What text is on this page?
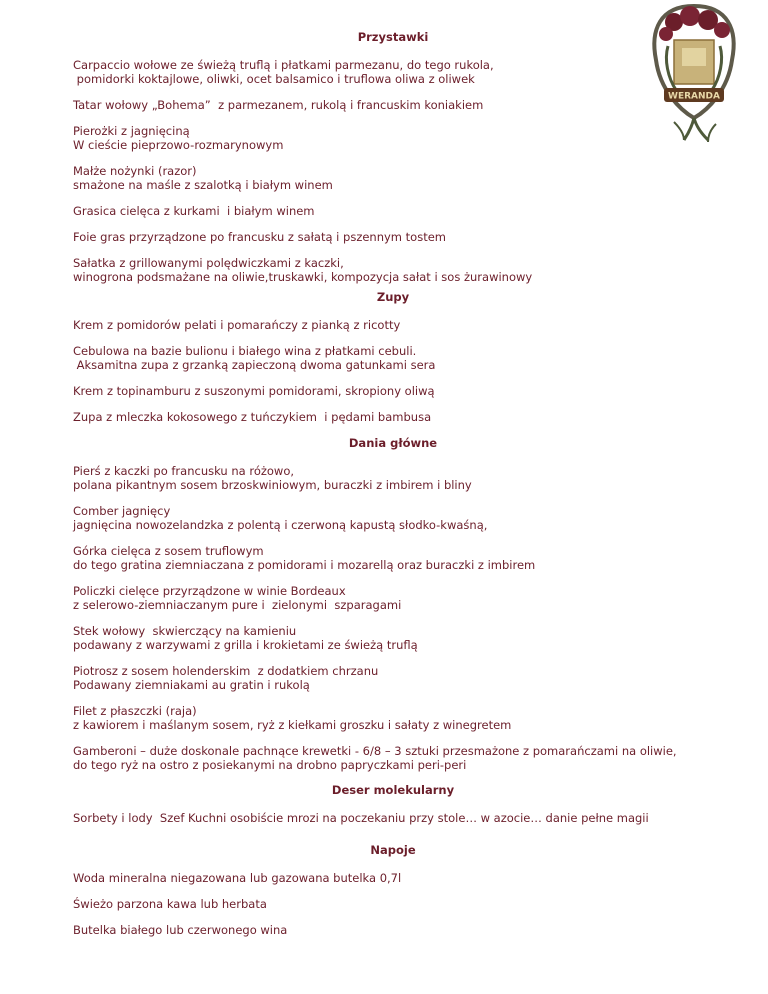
WERANDA
Przystawki
Carpaccio wołowe ze świeżą truflą i płatkami parmezanu, do tego rukola,
pomidorki koktajlowe, oliwki, ocet balsamico i truflowa oliwa z oliwek
Tatar wołowy „Bohema”  z parmezanem, rukolą i francuskim koniakiem
Pierożki z jagnięciną
W cieście pieprzowo-rozmarynowym
Małże nożynki (razor)
smażone na maśle z szalotką i białym winem
Grasica cielęca z kurkami  i białym winem
Foie gras przyrządzone po francusku z sałatą i pszennym tostem
Sałatka z grillowanymi polędwiczkami z kaczki,
winogrona podsmażane na oliwie,truskawki, kompozycja sałat i sos żurawinowy
Zupy
Krem z pomidorów pelati i pomarańczy z pianką z ricotty
Cebulowa na bazie bulionu i białego wina z płatkami cebuli.
Aksamitna zupa z grzanką zapieczoną dwoma gatunkami sera
Krem z topinamburu z suszonymi pomidorami, skropiony oliwą
Zupa z mleczka kokosowego z tuńczykiem  i pędami bambusa
Dania główne
Pierś z kaczki po francusku na różowo,
polana pikantnym sosem brzoskwiniowym, buraczki z imbirem i bliny
Comber jagnięcy
jagnięcina nowozelandzka z polentą i czerwoną kapustą słodko-kwaśną,
Górka cielęca z sosem truflowym
do tego gratina ziemniaczana z pomidorami i mozarellą oraz buraczki z imbirem
Policzki cielęce przyrządzone w winie Bordeaux
z selerowo-ziemniaczanym pure i  zielonymi  szparagami
Stek wołowy  skwierczący na kamieniu
podawany z warzywami z grilla i krokietami ze świeżą truflą
Piotrosz z sosem holenderskim  z dodatkiem chrzanu
Podawany ziemniakami au gratin i rukolą
Filet z płaszczki (raja)
z kawiorem i maślanym sosem, ryż z kiełkami groszku i sałaty z winegretem
Gamberoni – duże doskonale pachnące krewetki - 6/8 – 3 sztuki przesmażone z pomarańczami na oliwie,
do tego ryż na ostro z posiekanymi na drobno papryczkami peri-peri
Deser molekularny
Sorbety i lody  Szef Kuchni osobiście mrozi na poczekaniu przy stole… w azocie… danie pełne magii
Napoje
Woda mineralna niegazowana lub gazowana butelka 0,7l
Świeżo parzona kawa lub herbata
Butelka białego lub czerwonego wina
